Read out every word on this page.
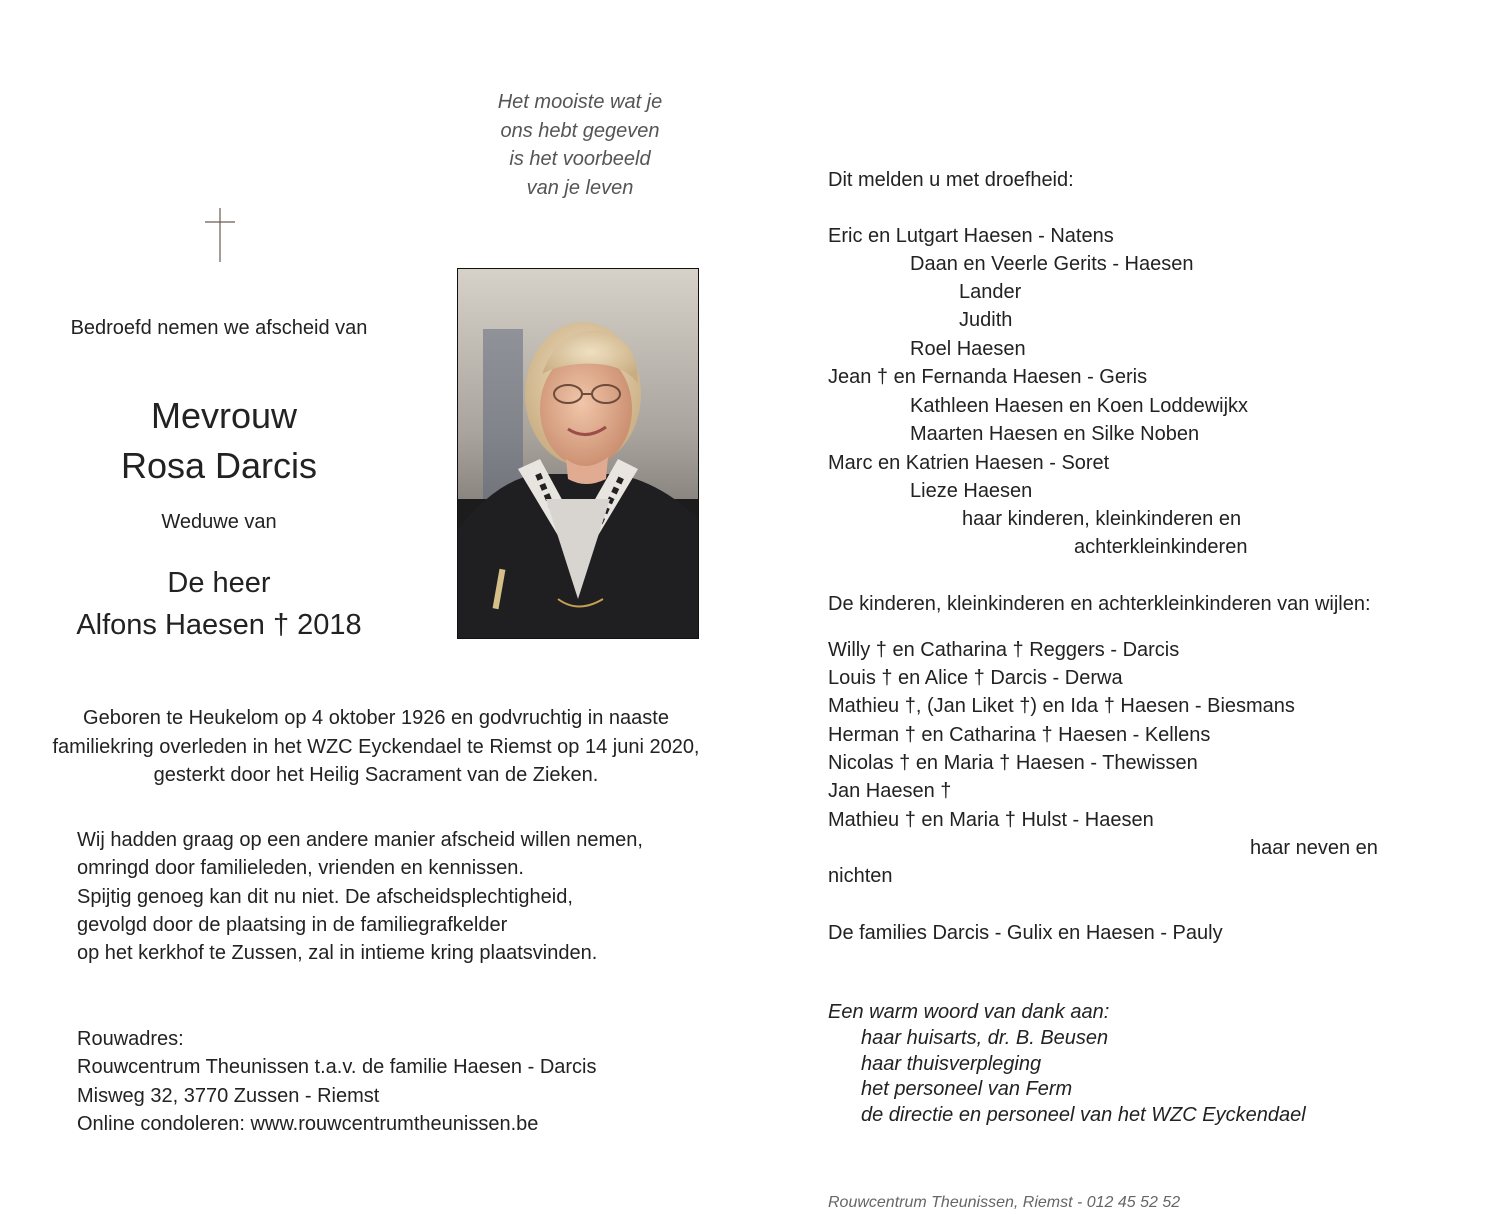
Het mooiste wat je
ons hebt gegeven
is het voorbeeld
van je leven
Bedroefd nemen we afscheid van
Mevrouw
Rosa Darcis
Weduwe van
De heer
Alfons Haesen † 2018
Geboren te Heukelom op 4 oktober 1926 en godvruchtig in naaste
familiekring overleden in het WZC Eyckendael te Riemst op 14 juni 2020,
gesterkt door het Heilig Sacrament van de Zieken.
Wij hadden graag op een andere manier afscheid willen nemen,
omringd door familieleden, vrienden en kennissen.
Spijtig genoeg kan dit nu niet. De afscheidsplechtigheid,
gevolgd door de plaatsing in de familiegrafkelder
op het kerkhof te Zussen, zal in intieme kring plaatsvinden.
Rouwadres:
Rouwcentrum Theunissen t.a.v. de familie Haesen - Darcis
Misweg 32, 3770 Zussen - Riemst
Online condoleren: www.rouwcentrumtheunissen.be
Dit melden u met droefheid:
Eric en Lutgart Haesen - Natens
Daan en Veerle Gerits - Haesen
Lander
Judith
Roel Haesen
Jean † en Fernanda Haesen - Geris
Kathleen Haesen en Koen Loddewijkx
Maarten Haesen en Silke Noben
Marc en Katrien Haesen - Soret
Lieze Haesen
haar kinderen, kleinkinderen en
achterkleinkinderen
De kinderen, kleinkinderen en achterkleinkinderen van wijlen:
Willy † en Catharina † Reggers - Darcis
Louis † en Alice † Darcis - Derwa
Mathieu †, (Jan Liket †) en Ida † Haesen - Biesmans
Herman † en Catharina † Haesen - Kellens
Nicolas † en Maria † Haesen - Thewissen
Jan Haesen †
Mathieu † en Maria † Hulst - Haesen
haar neven en
nichten
De families Darcis - Gulix en Haesen - Pauly
Een warm woord van dank aan:
haar huisarts, dr. B. Beusen
haar thuisverpleging
het personeel van Ferm
de directie en personeel van het WZC Eyckendael
Rouwcentrum Theunissen, Riemst - 012 45 52 52
